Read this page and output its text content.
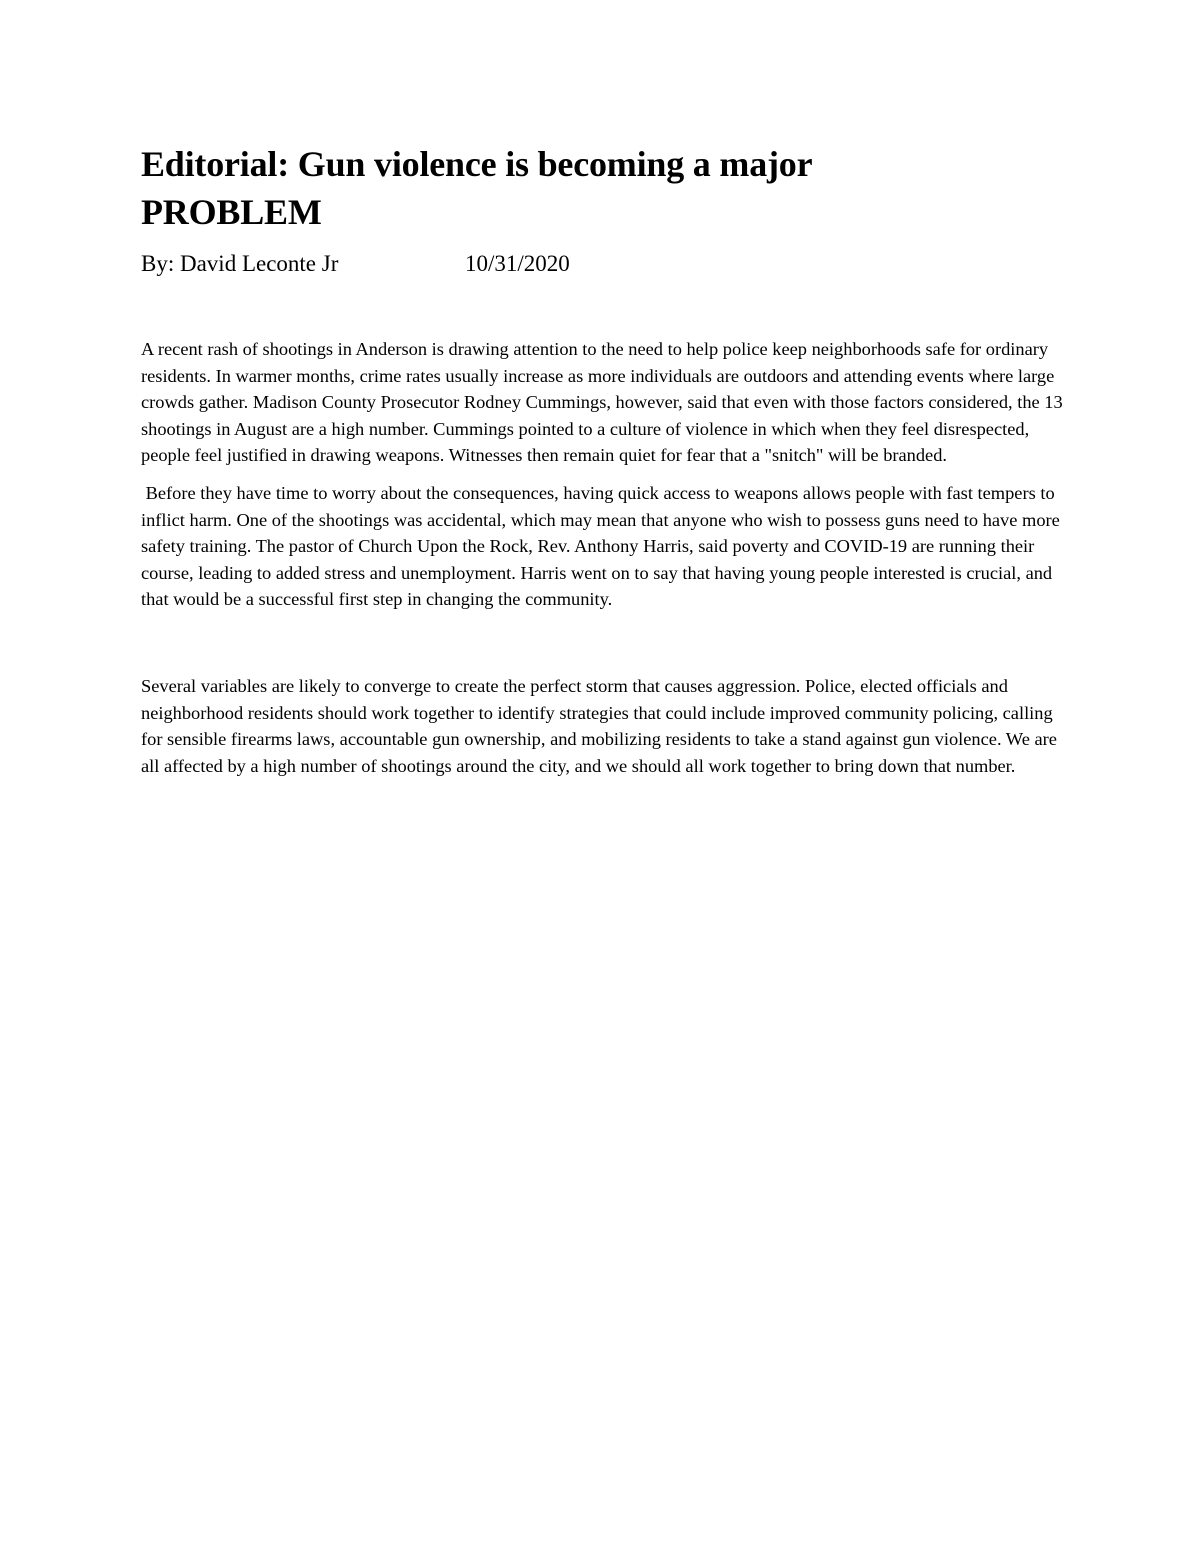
Editorial: Gun violence is becoming a major PROBLEM
By: David Leconte Jr	10/31/2020

A recent rash of shootings in Anderson is drawing attention to the need to help police keep neighborhoods safe for ordinary residents. In warmer months, crime rates usually increase as more individuals are outdoors and attending events where large crowds gather. Madison County Prosecutor Rodney Cummings, however, said that even with those factors considered, the 13 shootings in August are a high number. Cummings pointed to a culture of violence in which when they feel disrespected, people feel justified in drawing weapons. Witnesses then remain quiet for fear that a "snitch" will be branded.

Before they have time to worry about the consequences, having quick access to weapons allows people with fast tempers to inflict harm. One of the shootings was accidental, which may mean that anyone who wish to possess guns need to have more safety training. The pastor of Church Upon the Rock, Rev. Anthony Harris, said poverty and COVID-19 are running their course, leading to added stress and unemployment. Harris went on to say that having young people interested is crucial, and that would be a successful first step in changing the community.

Several variables are likely to converge to create the perfect storm that causes aggression. Police, elected officials and neighborhood residents should work together to identify strategies that could include improved community policing, calling for sensible firearms laws, accountable gun ownership, and mobilizing residents to take a stand against gun violence. We are all affected by a high number of shootings around the city, and we should all work together to bring down that number.
